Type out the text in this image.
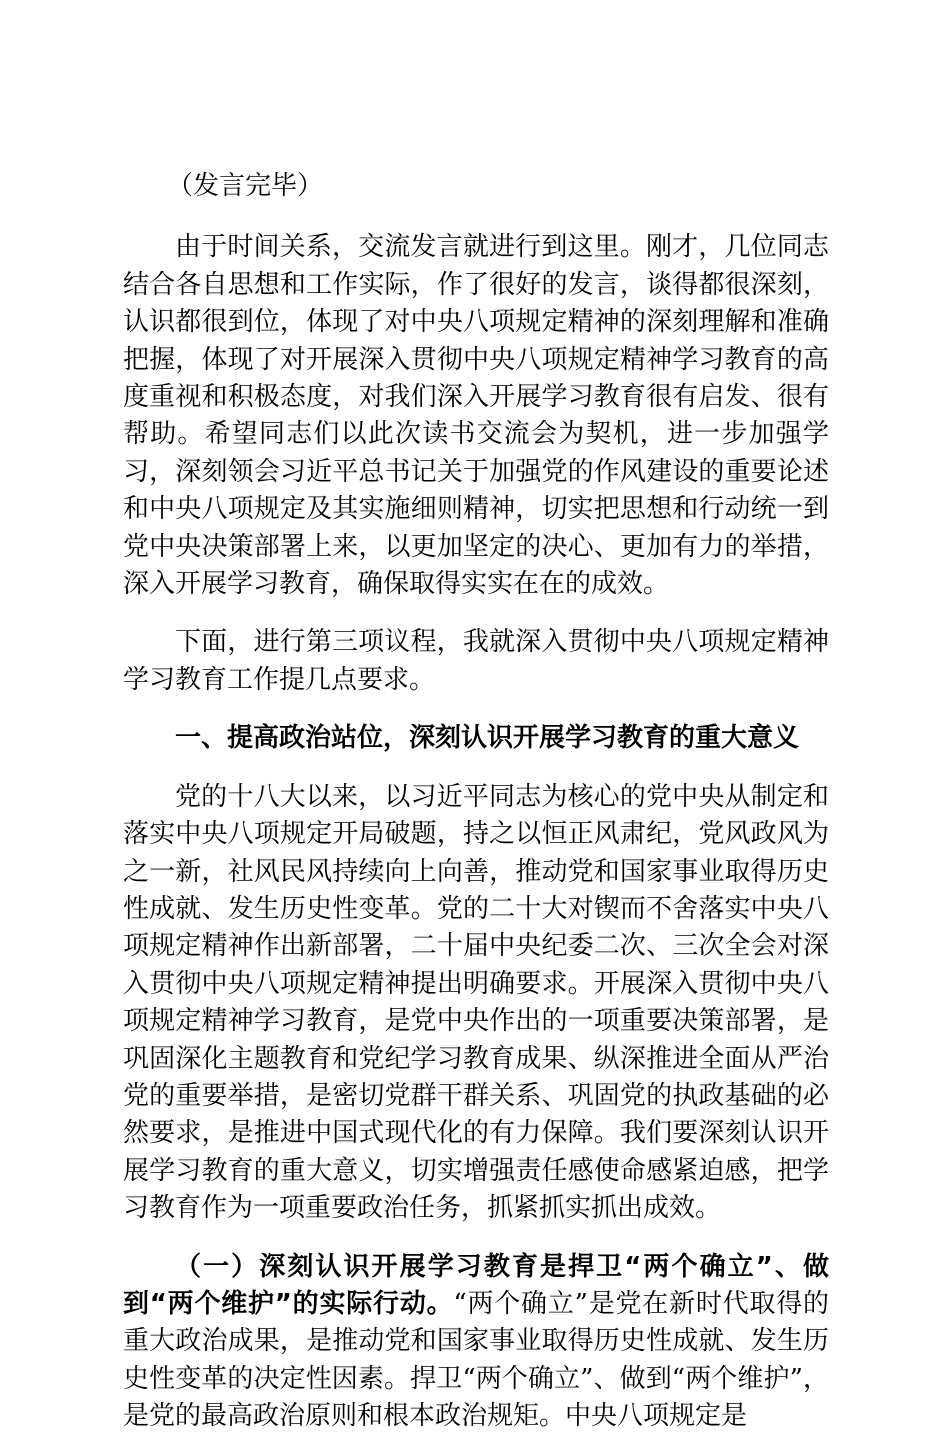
（发言完毕）

由于时间关系，交流发言就进行到这里。刚才，几位同志结合各自思想和工作实际，作了很好的发言，谈得都很深刻，认识都很到位，体现了对中央八项规定精神的深刻理解和准确把握，体现了对开展深入贯彻中央八项规定精神学习教育的高度重视和积极态度，对我们深入开展学习教育很有启发、很有帮助。希望同志们以此次读书交流会为契机，进一步加强学习，深刻领会习近平总书记关于加强党的作风建设的重要论述和中央八项规定及其实施细则精神，切实把思想和行动统一到党中央决策部署上来，以更加坚定的决心、更加有力的举措，深入开展学习教育，确保取得实实在在的成效。

下面，进行第三项议程，我就深入贯彻中央八项规定精神学习教育工作提几点要求。

一、提高政治站位，深刻认识开展学习教育的重大意义

党的十八大以来，以习近平同志为核心的党中央从制定和落实中央八项规定开局破题，持之以恒正风肃纪，党风政风为之一新，社风民风持续向上向善，推动党和国家事业取得历史性成就、发生历史性变革。党的二十大对锲而不舍落实中央八项规定精神作出新部署，二十届中央纪委二次、三次全会对深入贯彻中央八项规定精神提出明确要求。开展深入贯彻中央八项规定精神学习教育，是党中央作出的一项重要决策部署，是巩固深化主题教育和党纪学习教育成果、纵深推进全面从严治党的重要举措，是密切党群干群关系、巩固党的执政基础的必然要求，是推进中国式现代化的有力保障。我们要深刻认识开展学习教育的重大意义，切实增强责任感使命感紧迫感，把学习教育作为一项重要政治任务，抓紧抓实抓出成效。

（一）深刻认识开展学习教育是捍卫“两个确立”、做到“两个维护”的实际行动。“两个确立”是党在新时代取得的重大政治成果，是推动党和国家事业取得历史性成就、发生历史性变革的决定性因素。捍卫“两个确立”、做到“两个维护”，是党的最高政治原则和根本政治规矩。中央八项规定是
